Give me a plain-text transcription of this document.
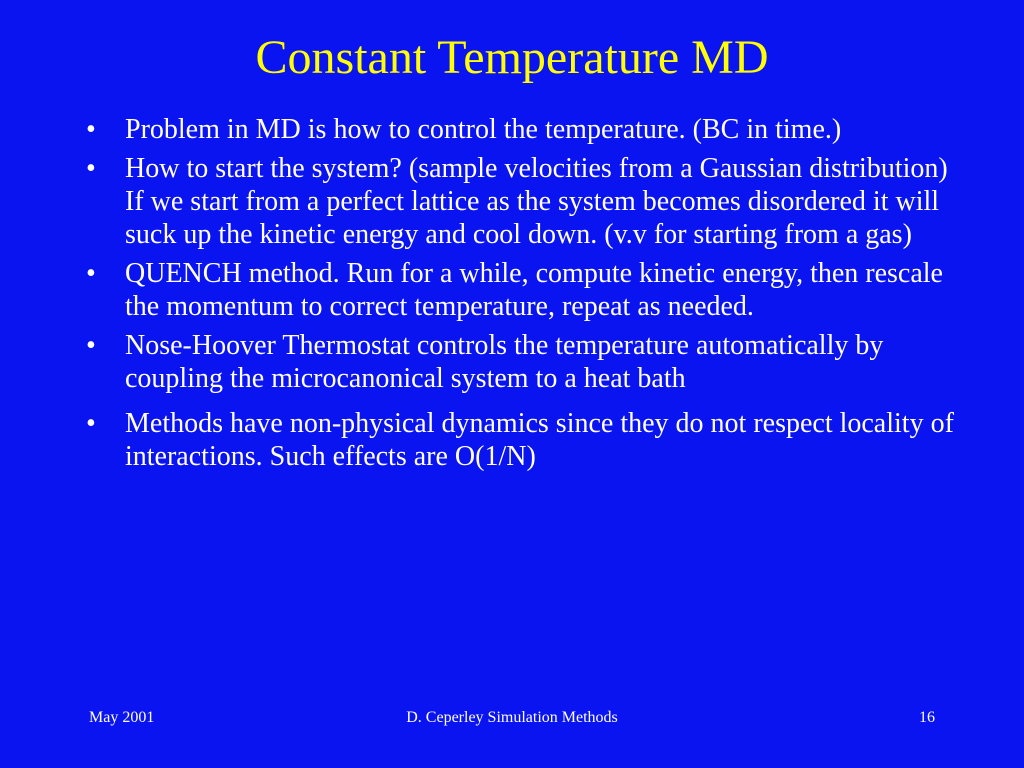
Constant Temperature MD
• Problem in MD is how to control the temperature. (BC in time.)
• How to start the system? (sample velocities from a Gaussian distribution) If we start from a perfect lattice as the system becomes disordered it will suck up the kinetic energy and cool down. (v.v for starting from a gas)
• QUENCH method. Run for a while, compute kinetic energy, then rescale the momentum to correct temperature, repeat as needed.
• Nose-Hoover Thermostat controls the temperature automatically by coupling the microcanonical system to a heat bath
• Methods have non-physical dynamics since they do not respect locality of interactions. Such effects are O(1/N)
May 2001	D. Ceperley Simulation Methods	16
